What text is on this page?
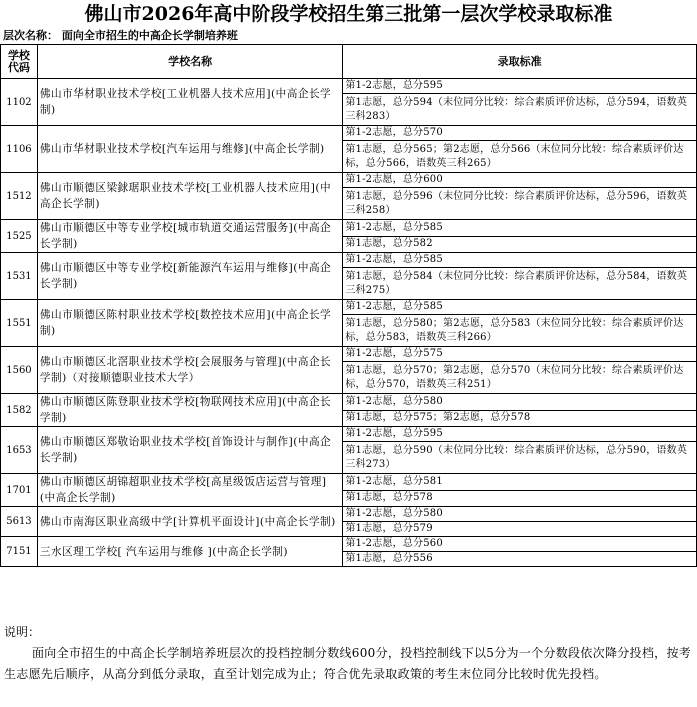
佛山市2026年高中阶段学校招生第三批第一层次学校录取标准
层次名称： 面向全市招生的中高企长学制培养班
学校代码	学校名称	录取标准
1102	佛山市华材职业技术学校[工业机器人技术应用](中高企长学制)	第1-2志愿，总分595
		第1志愿，总分594（末位同分比较：综合素质评价达标，总分594，语数英三科283）
1106	佛山市华材职业技术学校[汽车运用与维修](中高企长学制)	第1-2志愿，总分570
		第1志愿，总分565；第2志愿，总分566（末位同分比较：综合素质评价达标，总分566，语数英三科265）
1512	佛山市顺德区梁銶琚职业技术学校[工业机器人技术应用](中高企长学制)	第1-2志愿，总分600
		第1志愿，总分596（末位同分比较：综合素质评价达标，总分596，语数英三科258）
1525	佛山市顺德区中等专业学校[城市轨道交通运营服务](中高企长学制)	第1-2志愿，总分585
		第1志愿，总分582
1531	佛山市顺德区中等专业学校[新能源汽车运用与维修](中高企长学制)	第1-2志愿，总分585
		第1志愿，总分584（末位同分比较：综合素质评价达标，总分584，语数英三科275）
1551	佛山市顺德区陈村职业技术学校[数控技术应用](中高企长学制)	第1-2志愿，总分585
		第1志愿，总分580；第2志愿，总分583（末位同分比较：综合素质评价达标，总分583，语数英三科266）
1560	佛山市顺德区北滘职业技术学校[会展服务与管理](中高企长学制)（对接顺德职业技术大学）	第1-2志愿，总分575
		第1志愿，总分570；第2志愿，总分570（末位同分比较：综合素质评价达标，总分570，语数英三科251）
1582	佛山市顺德区陈登职业技术学校[物联网技术应用](中高企长学制)	第1-2志愿，总分580
		第1志愿，总分575；第2志愿，总分578
1653	佛山市顺德区郑敬诒职业技术学校[首饰设计与制作](中高企长学制)	第1-2志愿，总分595
		第1志愿，总分590（末位同分比较：综合素质评价达标，总分590，语数英三科273）
1701	佛山市顺德区胡锦超职业技术学校[高星级饭店运营与管理](中高企长学制)	第1-2志愿，总分581
		第1志愿，总分578
5613	佛山市南海区职业高级中学[计算机平面设计](中高企长学制)	第1-2志愿，总分580
		第1志愿，总分579
7151	三水区理工学校[ 汽车运用与维修 ](中高企长学制)	第1-2志愿，总分560
		第1志愿，总分556
说明：

面向全市招生的中高企长学制培养班层次的投档控制分数线600分，投档控制线下以5分为一个分数段依次降分投档，按考生志愿先后顺序，从高分到低分录取，直至计划完成为止；符合优先录取政策的考生末位同分比较时优先投档。
